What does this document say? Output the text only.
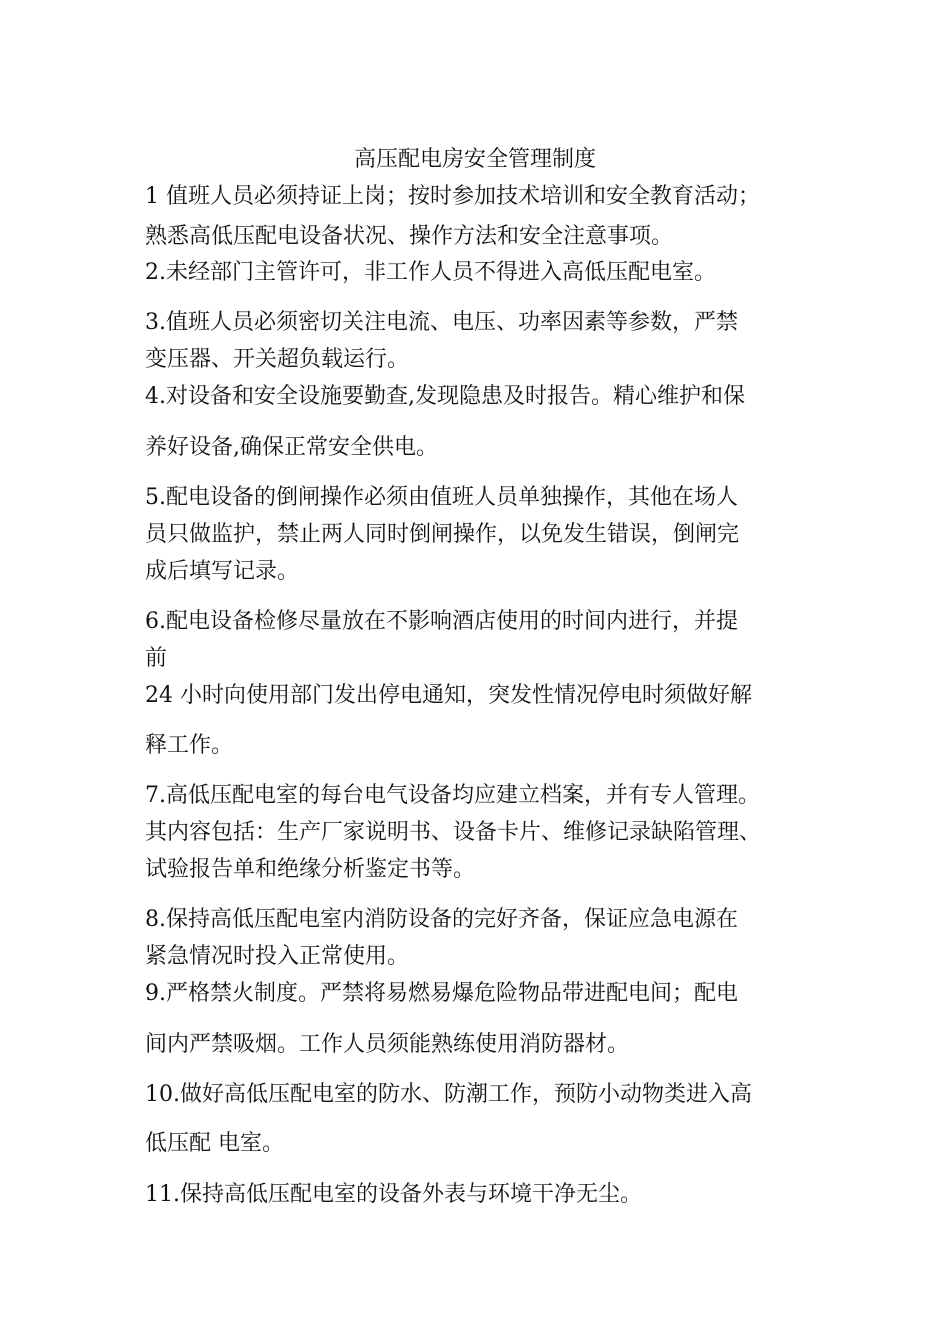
高压配电房安全管理制度
1 值班人员必须持证上岗；按时参加技术培训和安全教育活动；
熟悉高低压配电设备状况、操作方法和安全注意事项。
2.未经部门主管许可，非工作人员不得进入高低压配电室。
3.值班人员必须密切关注电流、电压、功率因素等参数，严禁
变压器、开关超负载运行。
4.对设备和安全设施要勤查,发现隐患及时报告。精心维护和保
养好设备,确保正常安全供电。
5.配电设备的倒闸操作必须由值班人员单独操作，其他在场人
员只做监护，禁止两人同时倒闸操作，以免发生错误，倒闸完
成后填写记录。
6.配电设备检修尽量放在不影响酒店使用的时间内进行，并提
前
24 小时向使用部门发出停电通知，突发性情况停电时须做好解
释工作。
7.高低压配电室的每台电气设备均应建立档案，并有专人管理。
其内容包括：生产厂家说明书、设备卡片、维修记录缺陷管理、
试验报告单和绝缘分析鉴定书等。
8.保持高低压配电室内消防设备的完好齐备，保证应急电源在
紧急情况时投入正常使用。
9.严格禁火制度。严禁将易燃易爆危险物品带进配电间；配电
间内严禁吸烟。工作人员须能熟练使用消防器材。
10.做好高低压配电室的防水、防潮工作，预防小动物类进入高
低压配 电室。
11.保持高低压配电室的设备外表与环境干净无尘。
